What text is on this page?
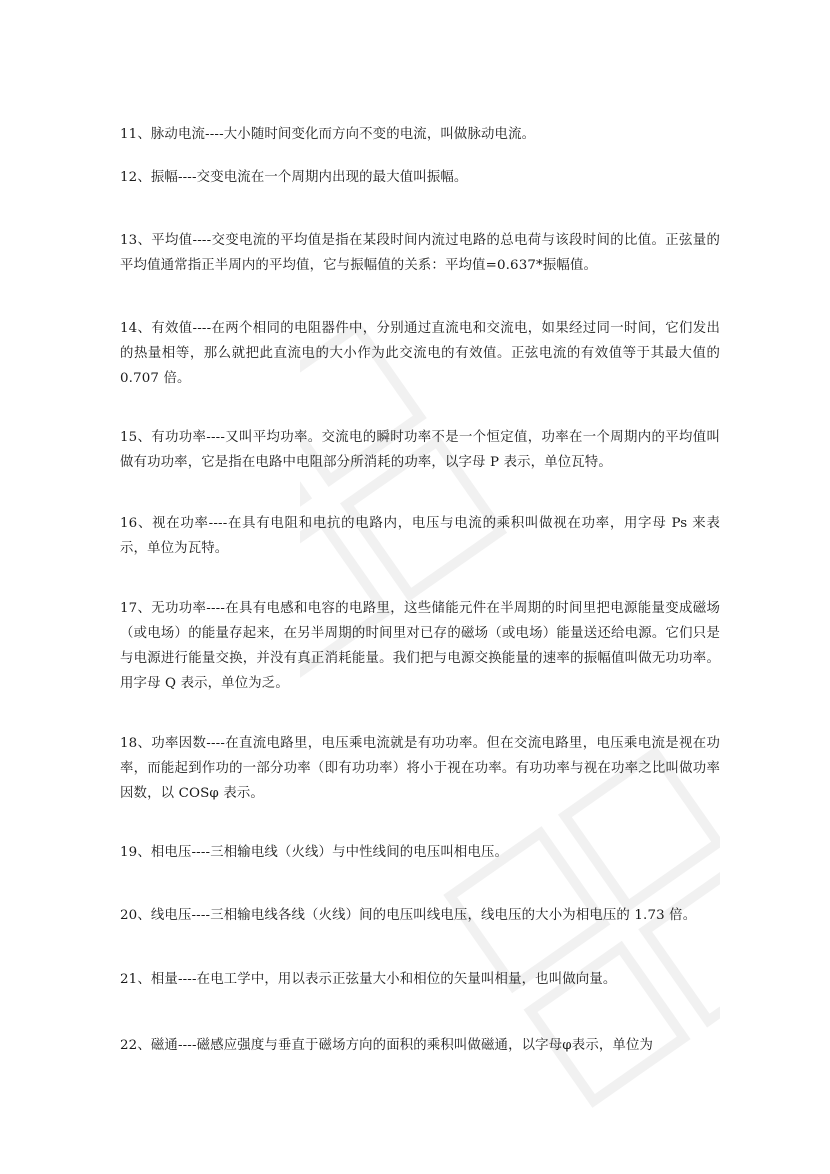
11、脉动电流----大小随时间变化而方向不变的电流，叫做脉动电流。

12、振幅----交变电流在一个周期内出现的最大值叫振幅。

13、平均值----交变电流的平均值是指在某段时间内流过电路的总电荷与该段时间的比值。正弦量的平均值通常指正半周内的平均值，它与振幅值的关系：平均值=0.637*振幅值。

14、有效值----在两个相同的电阻器件中，分别通过直流电和交流电，如果经过同一时间，它们发出的热量相等，那么就把此直流电的大小作为此交流电的有效值。正弦电流的有效值等于其最大值的 0.707 倍。

15、有功功率----又叫平均功率。交流电的瞬时功率不是一个恒定值，功率在一个周期内的平均值叫做有功功率，它是指在电路中电阻部分所消耗的功率，以字母 P 表示，单位瓦特。

16、视在功率----在具有电阻和电抗的电路内，电压与电流的乘积叫做视在功率，用字母 Ps 来表示，单位为瓦特。

17、无功功率----在具有电感和电容的电路里，这些储能元件在半周期的时间里把电源能量变成磁场（或电场）的能量存起来，在另半周期的时间里对已存的磁场（或电场）能量送还给电源。它们只是与电源进行能量交换，并没有真正消耗能量。我们把与电源交换能量的速率的振幅值叫做无功功率。用字母 Q 表示，单位为乏。

18、功率因数----在直流电路里，电压乘电流就是有功功率。但在交流电路里，电压乘电流是视在功率，而能起到作功的一部分功率（即有功功率）将小于视在功率。有功功率与视在功率之比叫做功率因数，以 COSφ 表示。

19、相电压----三相输电线（火线）与中性线间的电压叫相电压。

20、线电压----三相输电线各线（火线）间的电压叫线电压，线电压的大小为相电压的 1.73 倍。

21、相量----在电工学中，用以表示正弦量大小和相位的矢量叫相量，也叫做向量。

22、磁通----磁感应强度与垂直于磁场方向的面积的乘积叫做磁通，以字母φ表示，单位为
